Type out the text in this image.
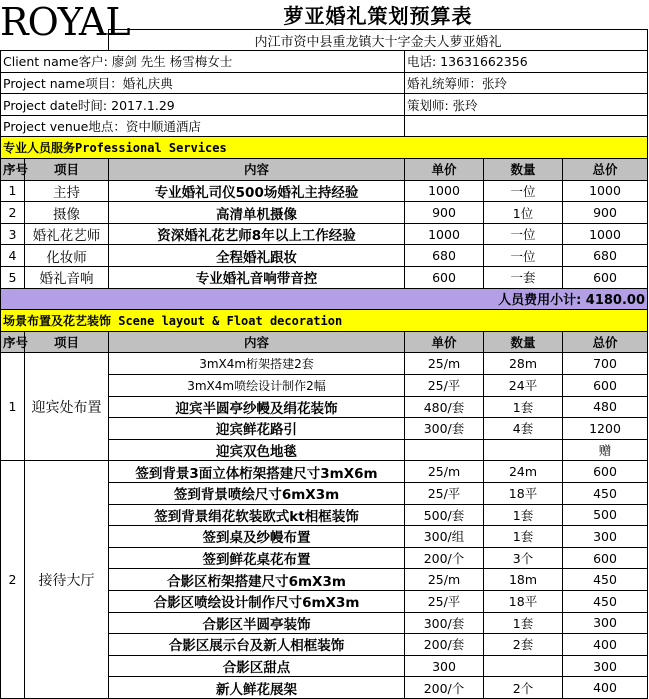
ROYAL
			萝亚婚礼策划预算表			
		内江市资中县重龙镇大十字金夫人萝亚婚礼			
Client name客户: 廖剑 先生 杨雪梅女士			电话: 13631662356		
Project name项目：婚礼庆典			婚礼统筹师：张玲		
Project date时间: 2017.1.29			策划师: 张玲		
Project venue地点：资中顺通酒店					
专业人员服务Professional Services					
序号	项目	内容	单价	数量	总价
1	主持	专业婚礼司仪500场婚礼主持经验	1000	一位	1000
2	摄像	高清单机摄像	900	1位	900
3	婚礼花艺师	资深婚礼花艺师8年以上工作经验	1000	一位	1000
4	化妆师	全程婚礼跟妆	680	一位	680
5	婚礼音响	专业婚礼音响带音控	600	一套	600
人员费用小计: 4180.00					
场景布置及花艺装饰 Scene layout & Float decoration					
序号	项目	内容	单价	数量	总价
1	迎宾处布置	3mX4m桁架搭建2套	25/m	28m	700
		3mX4m喷绘设计制作2幅	25/平	24平	600
		迎宾半圆亭纱幔及绢花装饰	480/套	1套	480
		迎宾鲜花路引	300/套	4套	1200
		迎宾双色地毯			赠
2	接待大厅	签到背景3面立体桁架搭建尺寸3mX6m	25/m	24m	600
		签到背景喷绘尺寸6mX3m	25/平	18平	450
		签到背景绢花软装欧式kt相框装饰	500/套	1套	500
		签到桌及纱幔布置	300/组	1套	300
		签到鲜花桌花布置	200/个	3个	600
		合影区桁架搭建尺寸6mX3m	25/m	18m	450
		合影区喷绘设计制作尺寸6mX3m	25/平	18平	450
		合影区半圆亭装饰	300/套	1套	300
		合影区展示台及新人相框装饰	200/套	2套	400
		合影区甜点	300		300
		新人鲜花展架	200/个	2个	400
